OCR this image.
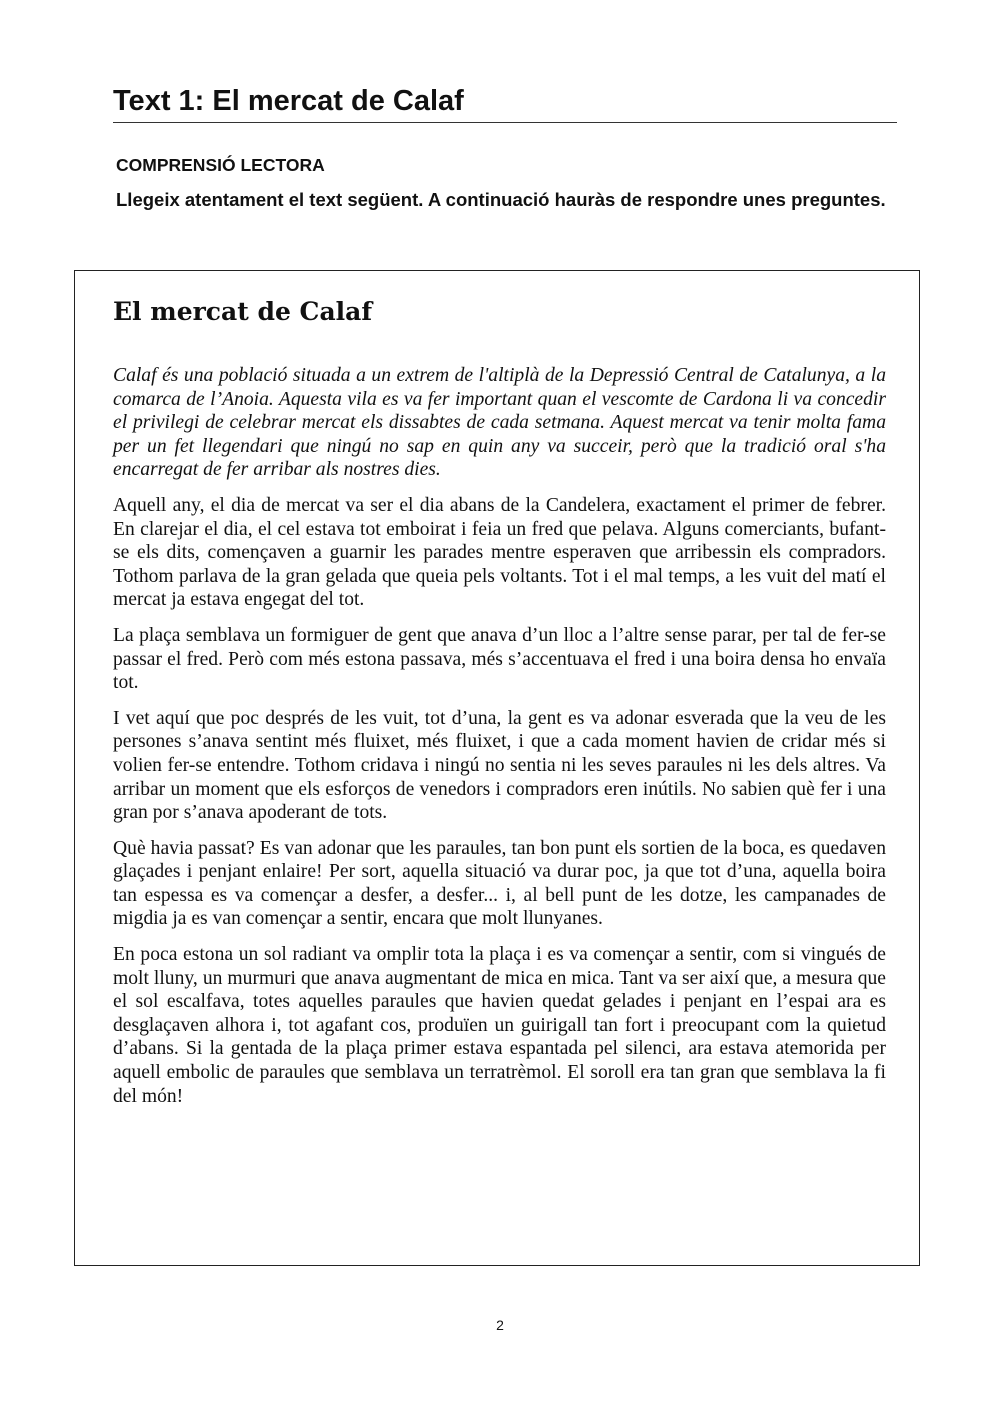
Text 1: El mercat de Calaf
COMPRENSIÓ LECTORA

Llegeix atentament el text següent. A continuació hauràs de respondre unes preguntes.

El mercat de Calaf

Calaf és una població situada a un extrem de l'altiplà de la Depressió Central de Catalunya, a la comarca de l’Anoia. Aquesta vila es va fer important quan el vescomte de Cardona li va concedir el privilegi de celebrar mercat els dissabtes de cada setmana. Aquest mercat va tenir molta fama per un fet llegendari que ningú no sap en quin any va succeir, però que la tradició oral s'ha encarregat de fer arribar als nostres dies.

Aquell any, el dia de mercat va ser el dia abans de la Candelera, exactament el primer de febrer. En clarejar el dia, el cel estava tot emboirat i feia un fred que pelava. Alguns comerciants, bufant-se els dits, començaven a guarnir les parades mentre esperaven que arribessin els compradors. Tothom parlava de la gran gelada que queia pels voltants. Tot i el mal temps, a les vuit del matí el mercat ja estava engegat del tot.

La plaça semblava un formiguer de gent que anava d’un lloc a l’altre sense parar, per tal de fer-se passar el fred. Però com més estona passava, més s’accentuava el fred i una boira densa ho envaïa tot.

I vet aquí que poc després de les vuit, tot d’una, la gent es va adonar esverada que la veu de les persones s’anava sentint més fluixet, més fluixet, i que a cada moment havien de cridar més si volien fer-se entendre. Tothom cridava i ningú no sentia ni les seves paraules ni les dels altres. Va arribar un moment que els esforços de venedors i compradors eren inútils. No sabien què fer i una gran por s’anava apoderant de tots.

Què havia passat? Es van adonar que les paraules, tan bon punt els sortien de la boca, es quedaven glaçades i penjant enlaire! Per sort, aquella situació va durar poc, ja que tot d’una, aquella boira tan espessa es va començar a desfer, a desfer... i, al bell punt de les dotze, les campanades de migdia ja es van començar a sentir, encara que molt llunyanes.

En poca estona un sol radiant va omplir tota la plaça i es va començar a sentir, com si vingués de molt lluny, un murmuri que anava augmentant de mica en mica. Tant va ser així que, a mesura que el sol escalfava, totes aquelles paraules que havien quedat gelades i penjant en l’espai ara es desglaçaven alhora i, tot agafant cos, produïen un guirigall tan fort i preocupant com la quietud d’abans. Si la gentada de la plaça primer estava espantada pel silenci, ara estava atemorida per aquell embolic de paraules que semblava un terratrèmol. El soroll era tan gran que semblava la fi del món!

2
